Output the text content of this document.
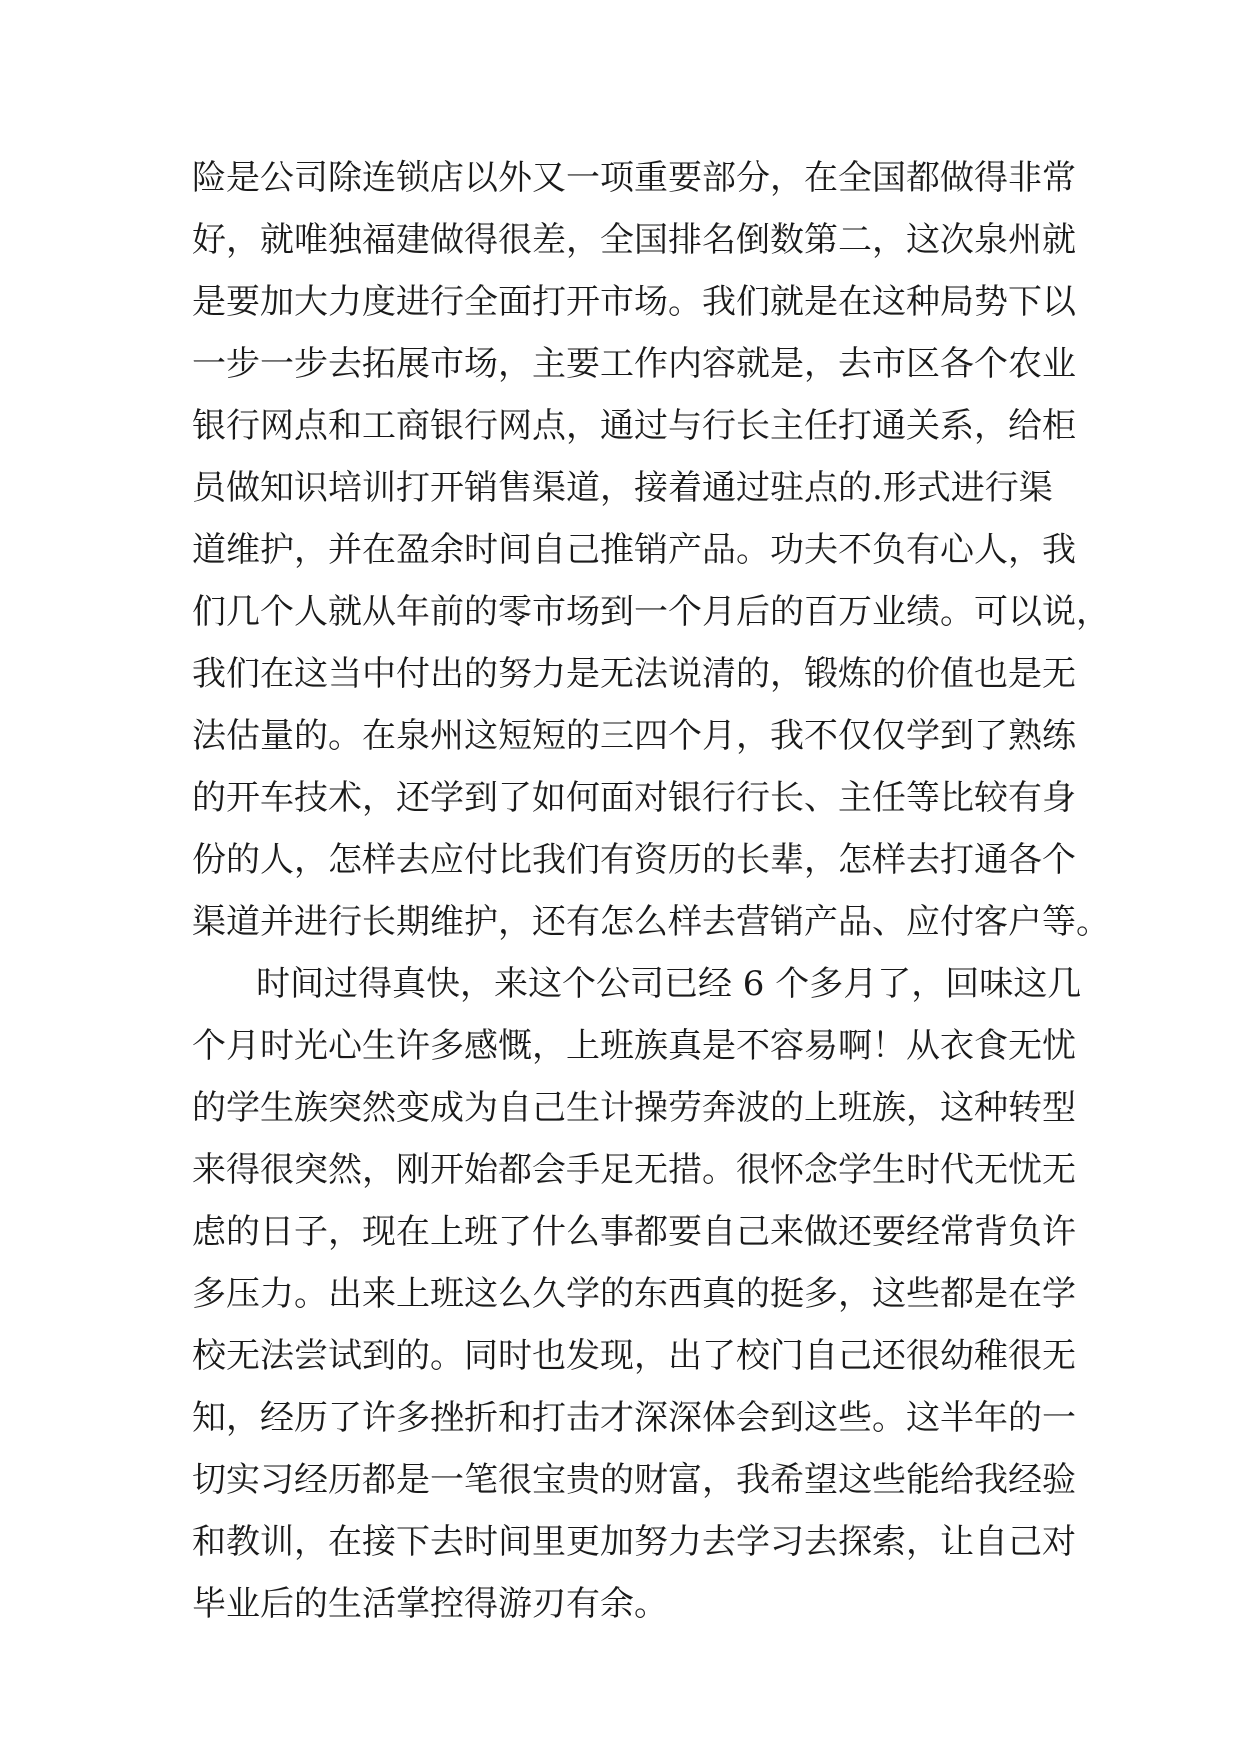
险是公司除连锁店以外又一项重要部分，在全国都做得非常
好，就唯独福建做得很差，全国排名倒数第二，这次泉州就
是要加大力度进行全面打开市场。我们就是在这种局势下以
一步一步去拓展市场，主要工作内容就是，去市区各个农业
银行网点和工商银行网点，通过与行长主任打通关系，给柜
员做知识培训打开销售渠道，接着通过驻点的.形式进行渠
道维护，并在盈余时间自己推销产品。功夫不负有心人，我
们几个人就从年前的零市场到一个月后的百万业绩。可以说，
我们在这当中付出的努力是无法说清的，锻炼的价值也是无
法估量的。在泉州这短短的三四个月，我不仅仅学到了熟练
的开车技术，还学到了如何面对银行行长、主任等比较有身
份的人，怎样去应付比我们有资历的长辈，怎样去打通各个
渠道并进行长期维护，还有怎么样去营销产品、应付客户等。
时间过得真快，来这个公司已经 6 个多月了，回味这几
个月时光心生许多感慨，上班族真是不容易啊！从衣食无忧
的学生族突然变成为自己生计操劳奔波的上班族，这种转型
来得很突然，刚开始都会手足无措。很怀念学生时代无忧无
虑的日子，现在上班了什么事都要自己来做还要经常背负许
多压力。出来上班这么久学的东西真的挺多，这些都是在学
校无法尝试到的。同时也发现，出了校门自己还很幼稚很无
知，经历了许多挫折和打击才深深体会到这些。这半年的一
切实习经历都是一笔很宝贵的财富，我希望这些能给我经验
和教训，在接下去时间里更加努力去学习去探索，让自己对
毕业后的生活掌控得游刃有余。
